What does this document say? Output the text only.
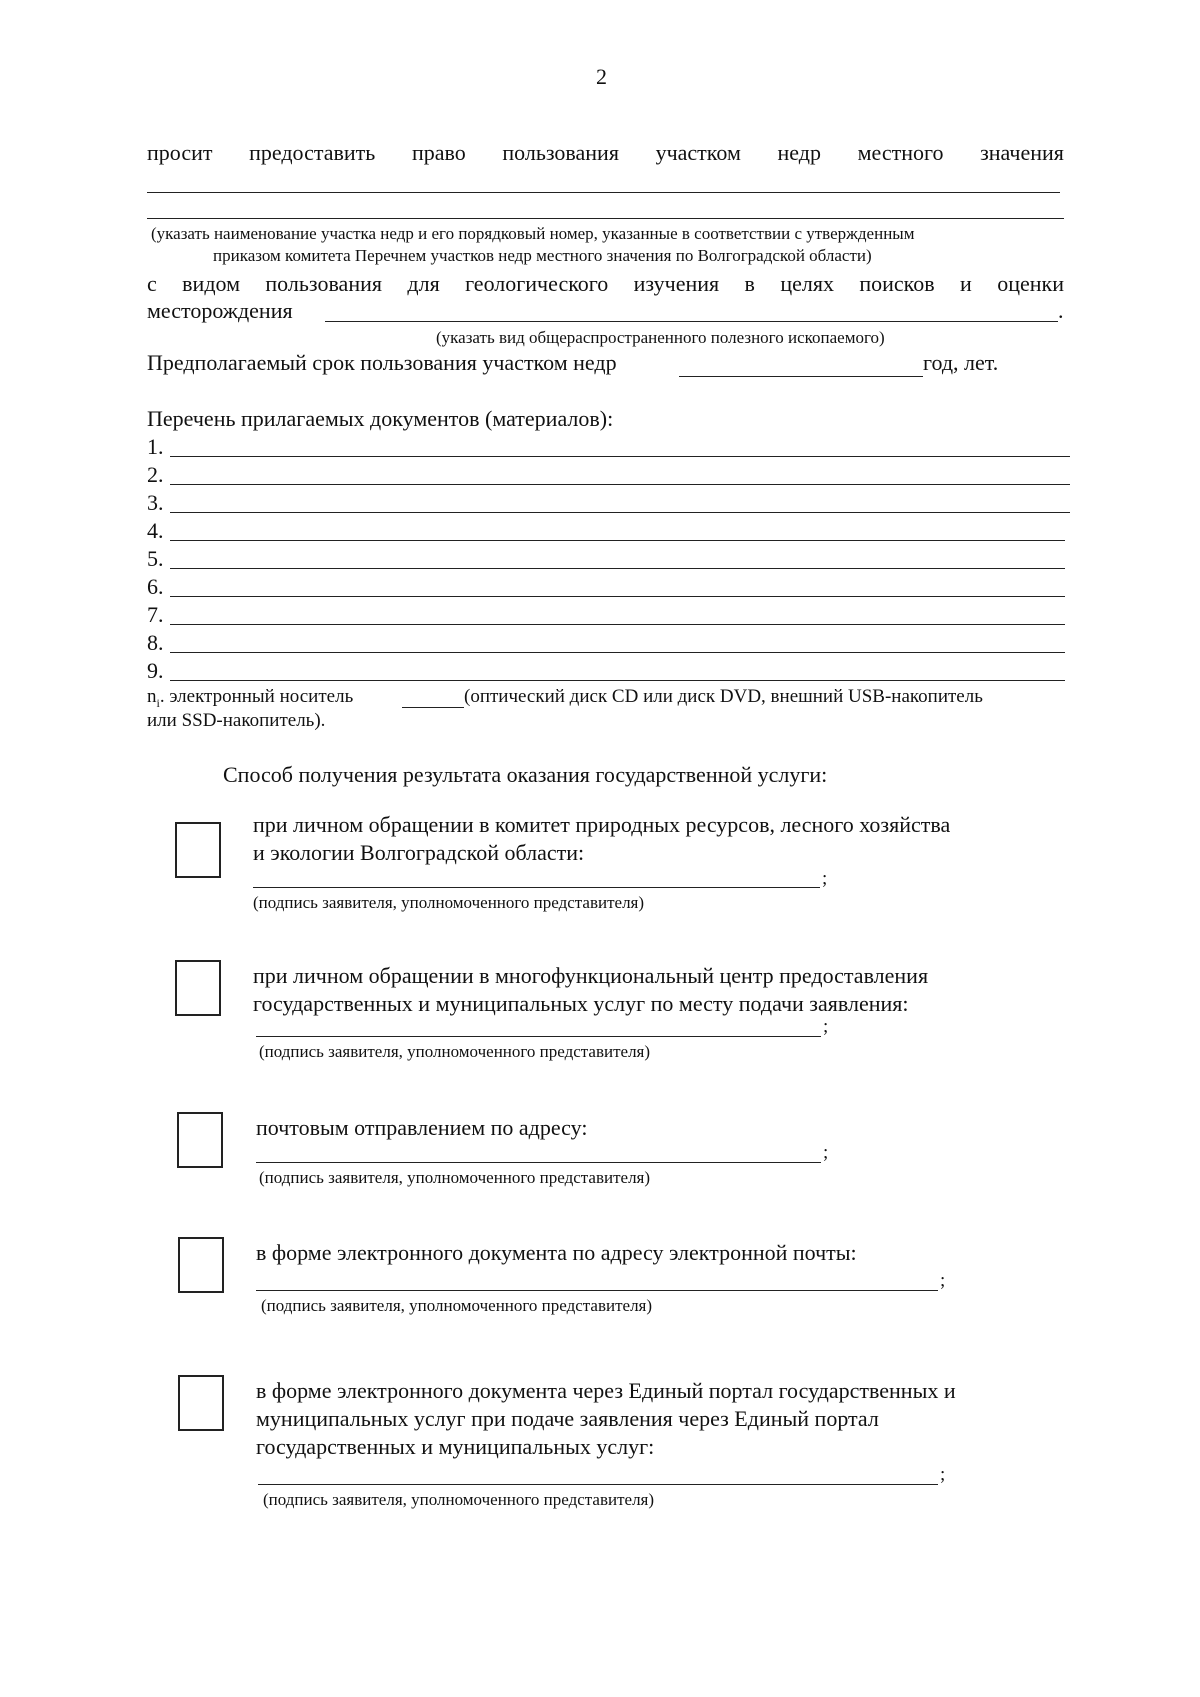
2
просит предоставить право пользования участком недр местного значения
(указать наименование участка недр и его порядковый номер, указанные в соответствии с утвержденным
приказом комитета Перечнем участков недр местного значения по Волгоградской области)
с видом пользования для геологического изучения в целях поисков и оценки
месторождения	.
(указать вид общераспространенного полезного ископаемого)
Предполагаемый срок пользования участком недр	год, лет.
Перечень прилагаемых документов (материалов):
1.
2.
3.
4.
5.
6.
7.
8.
9.
$n_i$. электронный носитель	(оптический диск CD или диск DVD, внешний USB-накопитель
или SSD-накопитель).
Способ получения результата оказания государственной услуги:
при личном обращении в комитет природных ресурсов, лесного хозяйства
и экологии Волгоградской области:
;
(подпись заявителя, уполномоченного представителя)
при личном обращении в многофункциональный центр предоставления
государственных и муниципальных услуг по месту подачи заявления:
;
(подпись заявителя, уполномоченного представителя)
почтовым отправлением по адресу:
;
(подпись заявителя, уполномоченного представителя)
в форме электронного документа по адресу электронной почты:
;
(подпись заявителя, уполномоченного представителя)
в форме электронного документа через Единый портал государственных и
муниципальных услуг при подаче заявления через Единый портал
государственных и муниципальных услуг:
;
(подпись заявителя, уполномоченного представителя)
